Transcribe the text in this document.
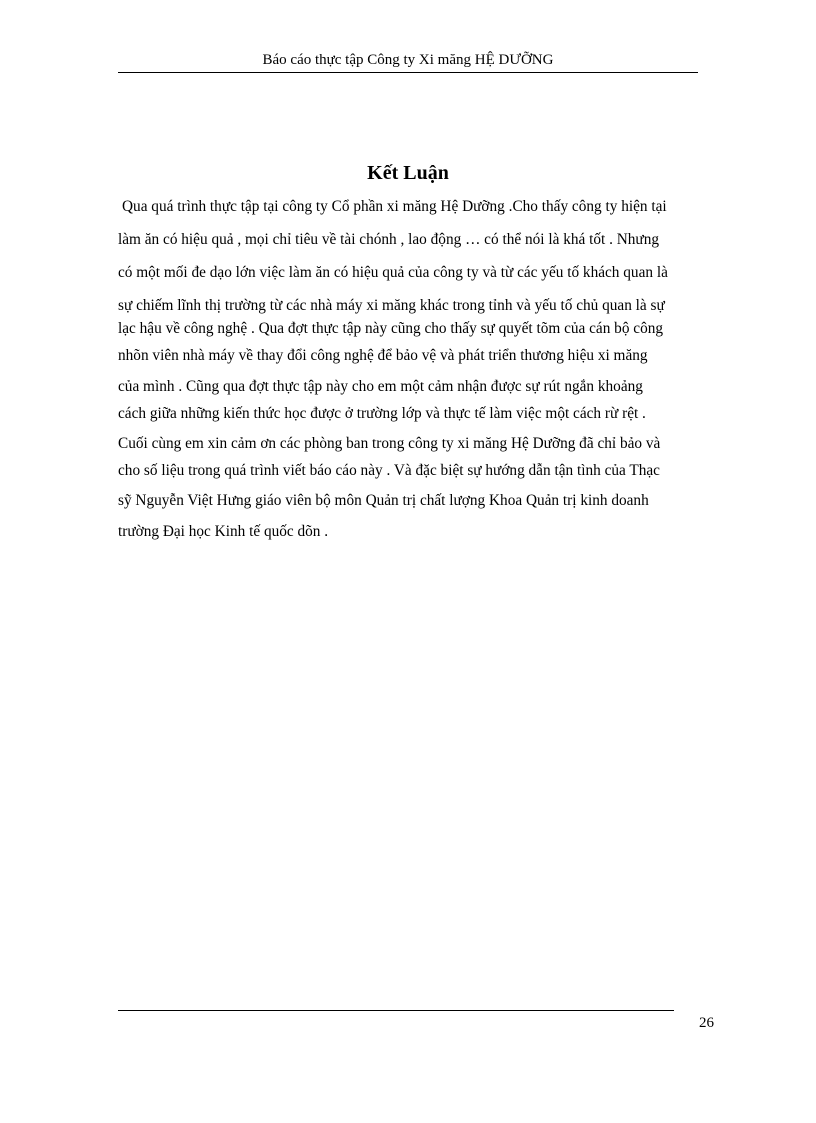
Báo cáo thực tập Công ty Xi măng HỆ DƯỠNG
Kết Luận
Qua quá trình thực tập tại công ty Cổ phần xi măng Hệ Dưỡng .Cho thấy công ty hiện tại
làm ăn có hiệu quả , mọi chỉ tiêu về tài chónh , lao động … có thể nói là khá tốt . Nhưng
có một mối đe dạo lớn việc làm ăn có hiệu quả của công ty và từ các yếu tố khách quan là
sự chiếm lĩnh thị trường từ các nhà máy xi măng khác trong tỉnh và yếu tố chủ quan là sự
lạc hậu về công nghệ . Qua đợt thực tập này cũng cho thấy sự quyết tõm của cán bộ công
nhõn viên nhà máy về thay đổi công nghệ để bảo vệ và phát triển thương hiệu xi măng
của mình . Cũng qua đợt thực tập này cho em một cảm nhận được sự rút ngắn khoảng
cách giữa những kiến thức học được ở trường lớp và thực tế làm việc một cách rừ rệt .
Cuối cùng em xin cảm ơn các phòng ban trong công ty xi măng Hệ Dưỡng đã chỉ bảo và
cho số liệu trong quá trình viết báo cáo này . Và đặc biệt sự hướng dẫn tận tình của Thạc
sỹ Nguyễn Việt Hưng giáo viên bộ môn Quản trị chất lượng Khoa Quản trị kinh doanh
trường Đại học Kinh tế quốc dõn .
26
